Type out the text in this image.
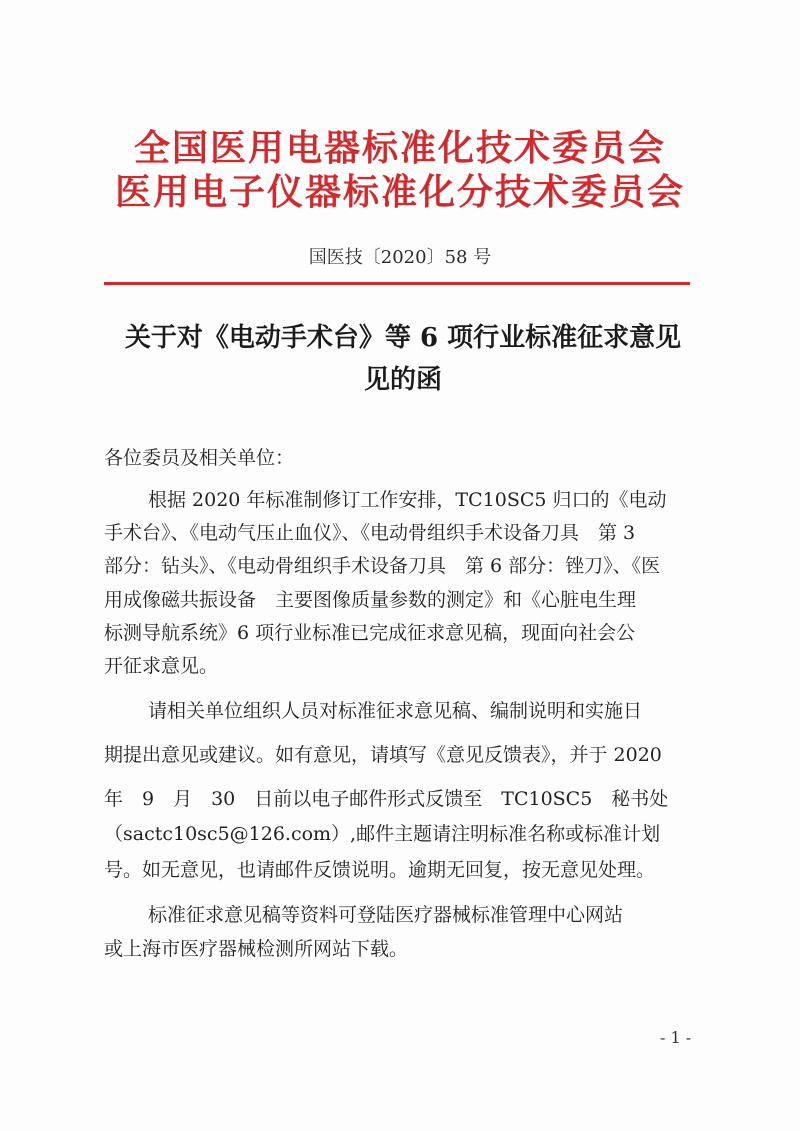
全国医用电器标准化技术委员会
医用电子仪器标准化分技术委员会
国医技〔2020〕58 号
关于对《电动手术台》等 6 项行业标准征求意见
见的函
各位委员及相关单位：
根据 2020 年标准制修订工作安排，TC10SC5 归口的《电动
手术台》、《电动气压止血仪》、《电动骨组织手术设备刀具　第 3
部分：钻头》、《电动骨组织手术设备刀具　第 6 部分：锉刀》、《医
用成像磁共振设备　主要图像质量参数的测定》和《心脏电生理
标测导航系统》6 项行业标准已完成征求意见稿，现面向社会公
开征求意见。
请相关单位组织人员对标准征求意见稿、编制说明和实施日
期提出意见或建议。如有意见，请填写《意见反馈表》，并于 2020
年　9　月　30　日前以电子邮件形式反馈至　TC10SC5　秘书处
（sactc10sc5@126.com）,邮件主题请注明标准名称或标准计划
号。如无意见，也请邮件反馈说明。逾期无回复，按无意见处理。
标准征求意见稿等资料可登陆医疗器械标准管理中心网站
或上海市医疗器械检测所网站下载。
- 1 -
